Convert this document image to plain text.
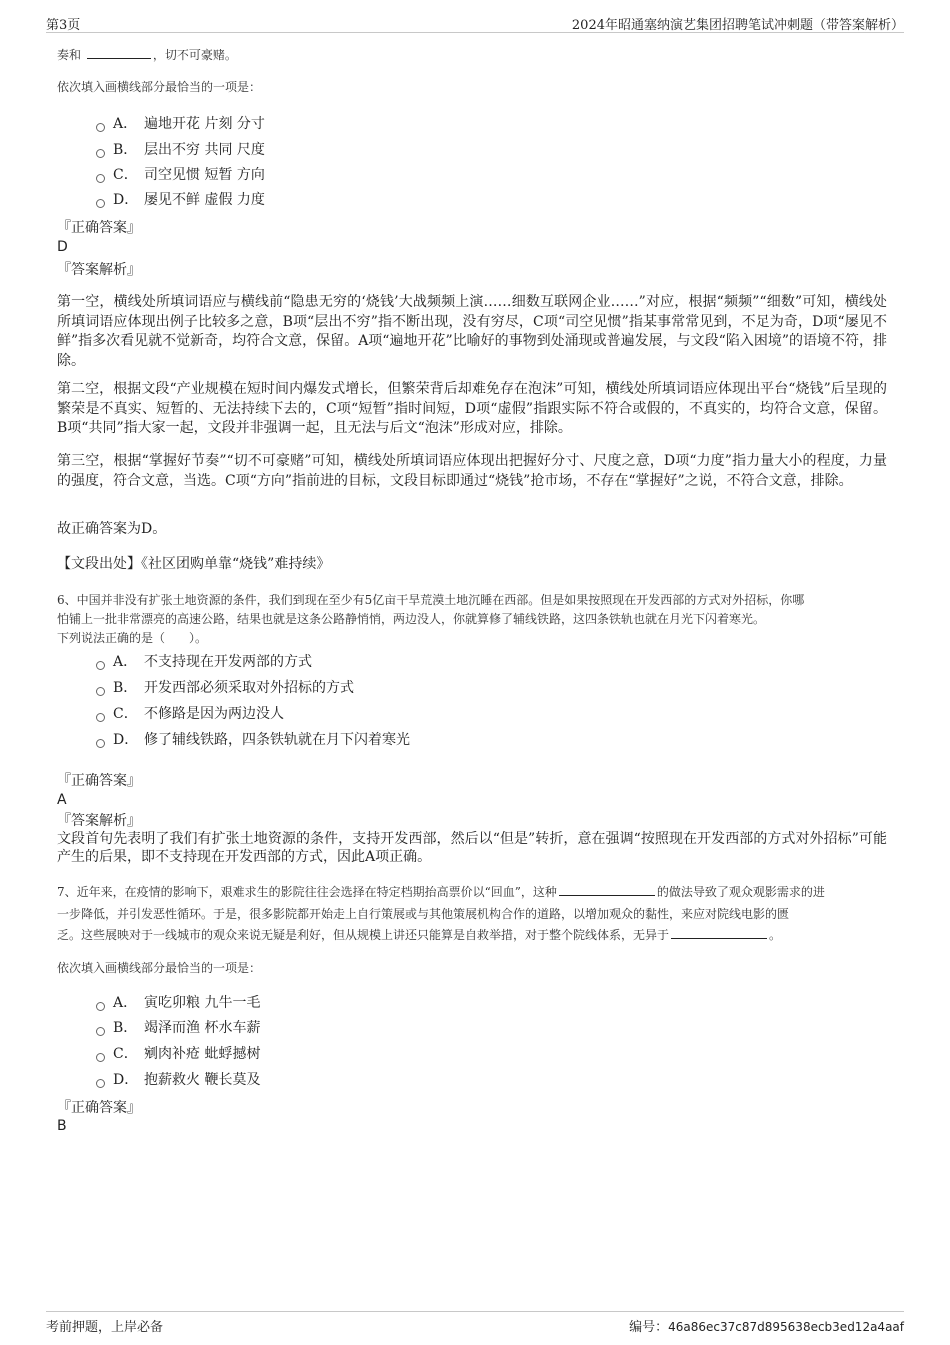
第3页	2024年昭通塞纳演艺集团招聘笔试冲刺题（带答案解析）
奏和	，切不可豪赌。
依次填入画横线部分最恰当的一项是：
A． 遍地开花 片刻 分寸
B． 层出不穷 共同 尺度
C． 司空见惯 短暂 方向
D． 屡见不鲜 虚假 力度
『正确答案』
D
『答案解析』
第一空，横线处所填词语应与横线前“隐患无穷的‘烧钱’大战频频上演……细数互联网企业……”对应，根据“频频”“细数”可知，横线处所填词语应体现出例子比较多之意，B项“层出不穷”指不断出现，没有穷尽，C项“司空见惯”指某事常常见到，不足为奇，D项“屡见不鲜”指多次看见就不觉新奇，均符合文意，保留。A项“遍地开花”比喻好的事物到处涌现或普遍发展，与文段“陷入困境”的语境不符，排除。
第二空，根据文段“产业规模在短时间内爆发式增长，但繁荣背后却难免存在泡沫”可知，横线处所填词语应体现出平台“烧钱”后呈现的繁荣是不真实、短暂的、无法持续下去的，C项“短暂”指时间短，D项“虚假”指跟实际不符合或假的，不真实的，均符合文意，保留。B项“共同”指大家一起，文段并非强调一起，且无法与后文“泡沫”形成对应，排除。
第三空，根据“掌握好节奏”“切不可豪赌”可知，横线处所填词语应体现出把握好分寸、尺度之意，D项“力度”指力量大小的程度，力量的强度，符合文意，当选。C项“方向”指前进的目标，文段目标即通过“烧钱”抢市场，不存在“掌握好”之说，不符合文意，排除。
故正确答案为D。
【文段出处】《社区团购单靠“烧钱”难持续》
6、中国并非没有扩张土地资源的条件，我们到现在至少有5亿亩干旱荒漠土地沉睡在西部。但是如果按照现在开发西部的方式对外招标，你哪
怕铺上一批非常漂亮的高速公路，结果也就是这条公路静悄悄，两边没人，你就算修了辅线铁路，这四条铁轨也就在月光下闪着寒光。
下列说法正确的是（　　）。
A． 不支持现在开发两部的方式
B． 开发西部必须采取对外招标的方式
C． 不修路是因为两边没人
D． 修了辅线铁路，四条铁轨就在月下闪着寒光
『正确答案』
A
『答案解析』
文段首句先表明了我们有扩张土地资源的条件，支持开发西部，然后以“但是”转折，意在强调“按照现在开发西部的方式对外招标”可能产生的后果，即不支持现在开发西部的方式，因此A项正确。
7、近年来，在疫情的影响下，艰难求生的影院往往会选择在特定档期抬高票价以“回血”，这种	的做法导致了观众观影需求的进
一步降低，并引发恶性循环。于是，很多影院都开始走上自行策展或与其他策展机构合作的道路，以增加观众的黏性，来应对院线电影的匮
乏。这些展映对于一线城市的观众来说无疑是利好，但从规模上讲还只能算是自救举措，对于整个院线体系，无异于	。
依次填入画横线部分最恰当的一项是：
A． 寅吃卯粮 九牛一毛
B． 竭泽而渔 杯水车薪
C． 剜肉补疮 蚍蜉撼树
D． 抱薪救火 鞭长莫及
『正确答案』
B
考前押题，上岸必备	编号：46a86ec37c87d895638ecb3ed12a4aaf
